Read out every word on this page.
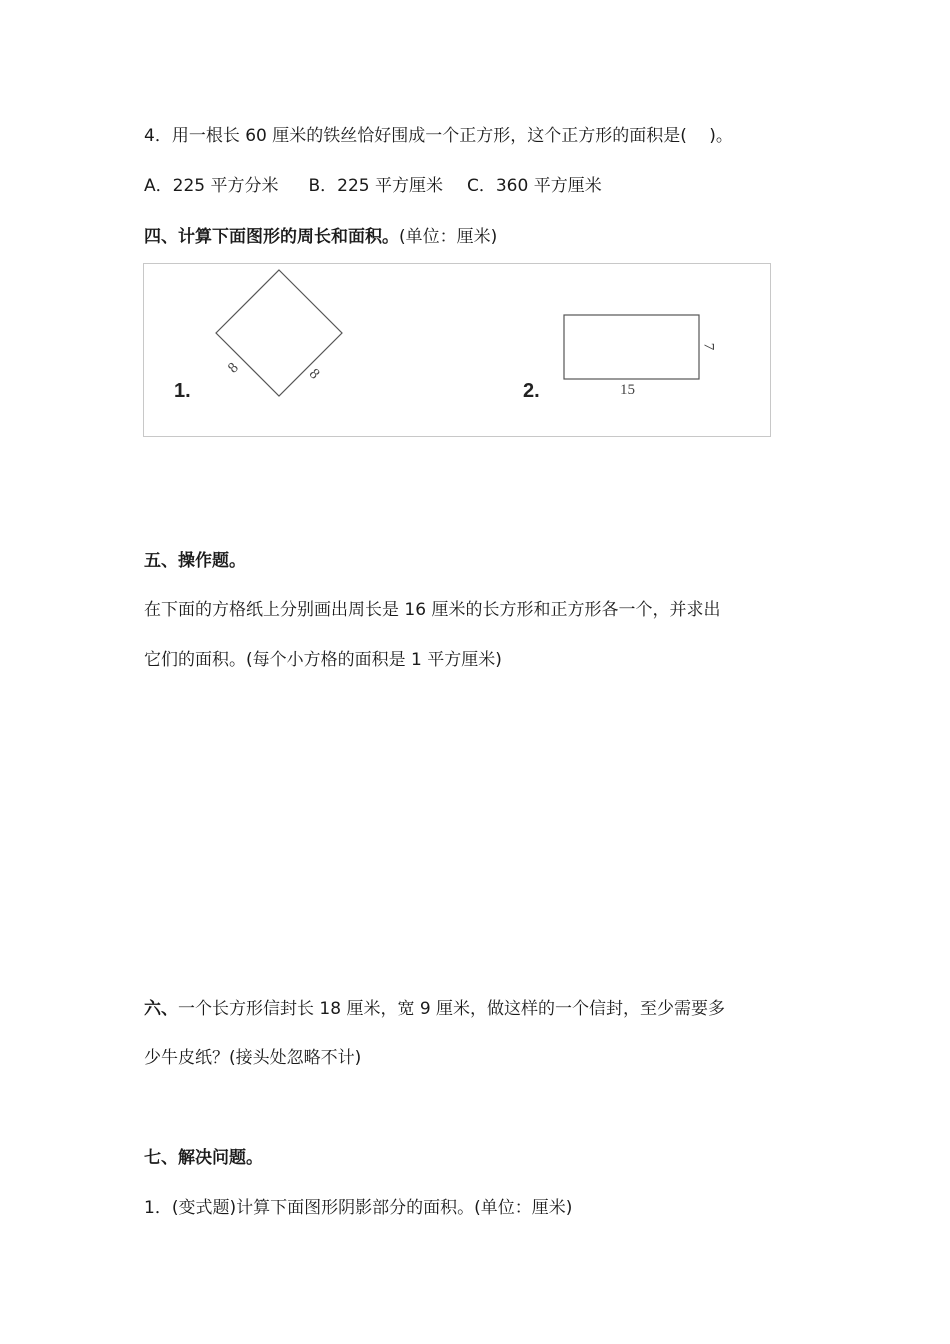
4．用一根长 60 厘米的铁丝恰好围成一个正方形，这个正方形的面积是(　 )。
A．225 平方分米 B．225 平方厘米 C．360 平方厘米
四、计算下面图形的周长和面积。(单位：厘米)
1.
8	8
2.	15
7
五、操作题。
在下面的方格纸上分别画出周长是 16 厘米的长方形和正方形各一个，并求出
它们的面积。(每个小方格的面积是 1 平方厘米)
六、一个长方形信封长 18 厘米，宽 9 厘米，做这样的一个信封，至少需要多
少牛皮纸？(接头处忽略不计)
七、解决问题。
1．(变式题)计算下面图形阴影部分的面积。(单位：厘米)
